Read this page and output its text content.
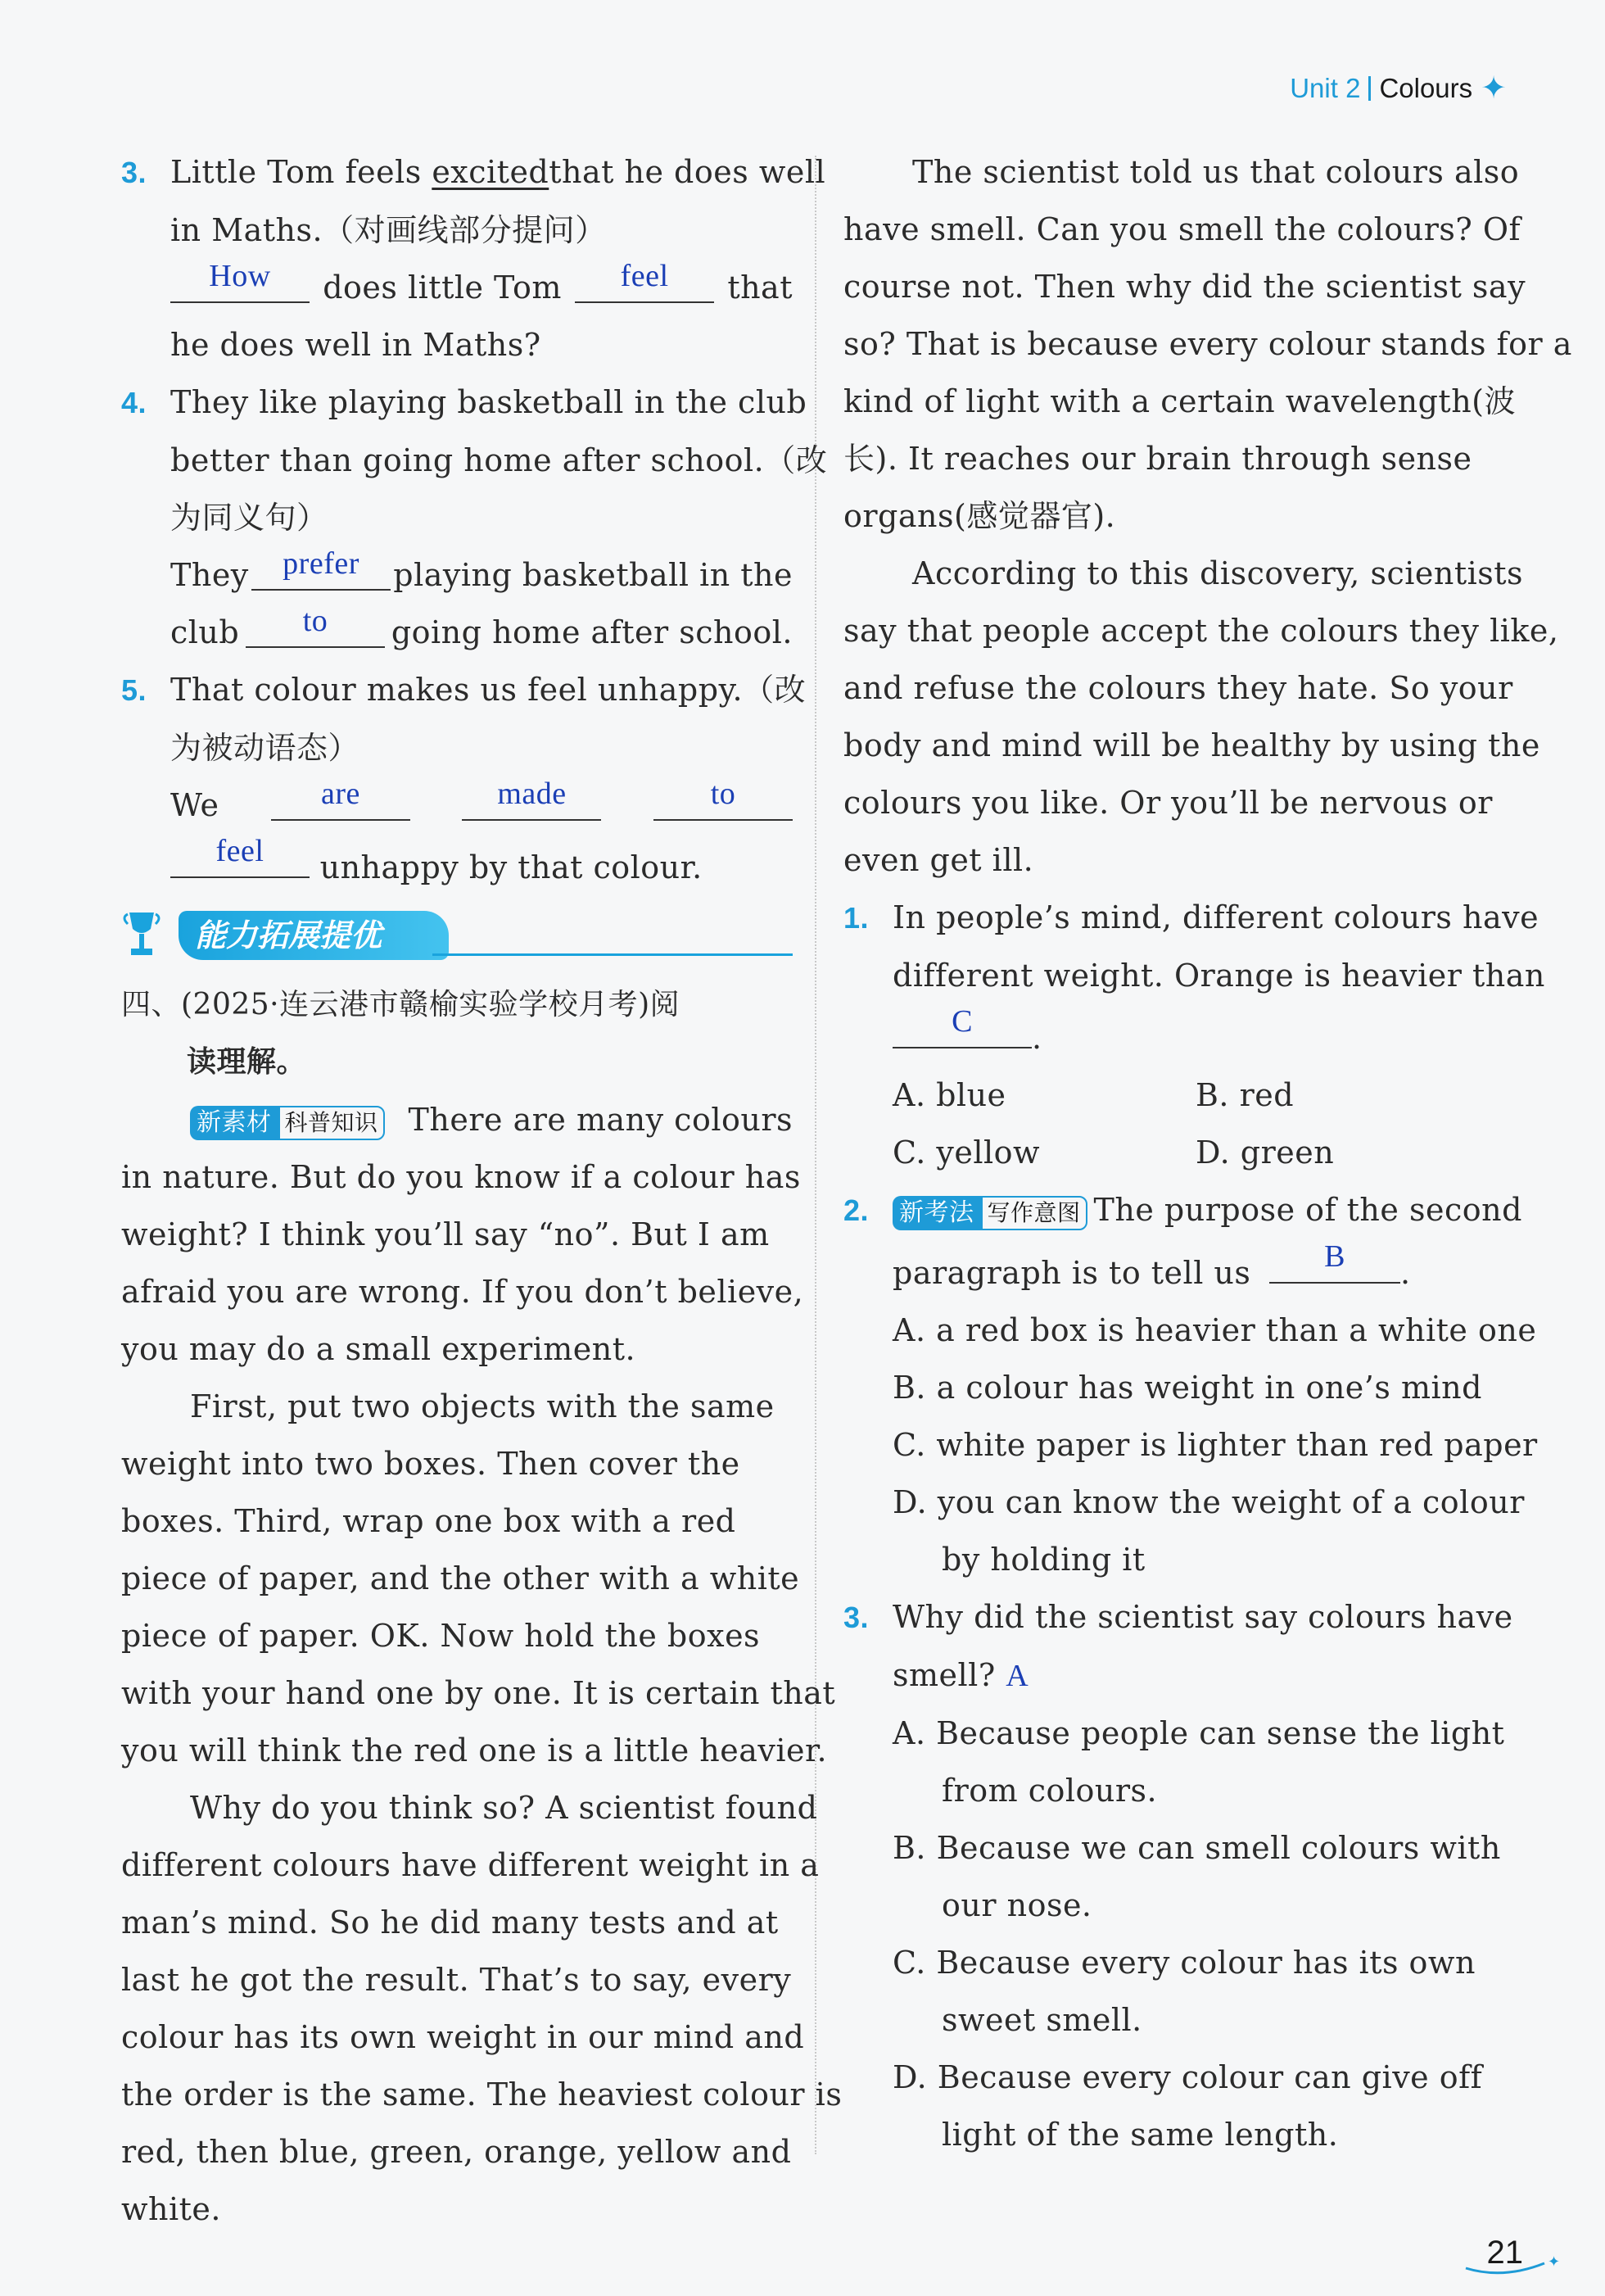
Unit 2 Colours ✦
3. Little Tom feels excited that he does well
in Maths.（对画线部分提问）
How	does little Tom	feel	that
he does well in Maths?
4. They like playing basketball in the club
better than going home after school.（改
为同义句）
They	prefer	playing basketball in the
club	to	going home after school.
5. That colour makes us feel unhappy.（改
为被动语态）
We	are	made	to
feel	unhappy by that colour.
能力拓展提优
四、(2025·连云港市赣榆实验学校月考)阅
读理解。
新素材 科普知识 There are many colours
in nature. But do you know if a colour has
weight? I think you’ll say “no”. But I am
afraid you are wrong. If you don’t believe,
you may do a small experiment.
First, put two objects with the same
weight into two boxes. Then cover the
boxes. Third, wrap one box with a red
piece of paper, and the other with a white
piece of paper. OK. Now hold the boxes
with your hand one by one. It is certain that
you will think the red one is a little heavier.
Why do you think so? A scientist found
different colours have different weight in a
man’s mind. So he did many tests and at
last he got the result. That’s to say, every
colour has its own weight in our mind and
the order is the same. The heaviest colour is
red, then blue, green, orange, yellow and
white.
The scientist told us that colours also
have smell. Can you smell the colours? Of
course not. Then why did the scientist say
so? That is because every colour stands for a
kind of light with a certain wavelength(波
长). It reaches our brain through sense
organs(感觉器官).
According to this discovery, scientists
say that people accept the colours they like,
and refuse the colours they hate. So your
body and mind will be healthy by using the
colours you like. Or you’ll be nervous or
even get ill.
1. In people’s mind, different colours have
different weight. Orange is heavier than
C	.
A. blue	B. red
C. yellow	D. green
2. 新考法 写作意图 The purpose of the second
paragraph is to tell us	B	.
A. a red box is heavier than a white one
B. a colour has weight in one’s mind
C. white paper is lighter than red paper
D. you can know the weight of a colour
by holding it
3. Why did the scientist say colours have
smell? A
A. Because people can sense the light
from colours.
B. Because we can smell colours with
our nose.
C. Because every colour has its own
sweet smell.
D. Because every colour can give off
light of the same length.
✦
21
